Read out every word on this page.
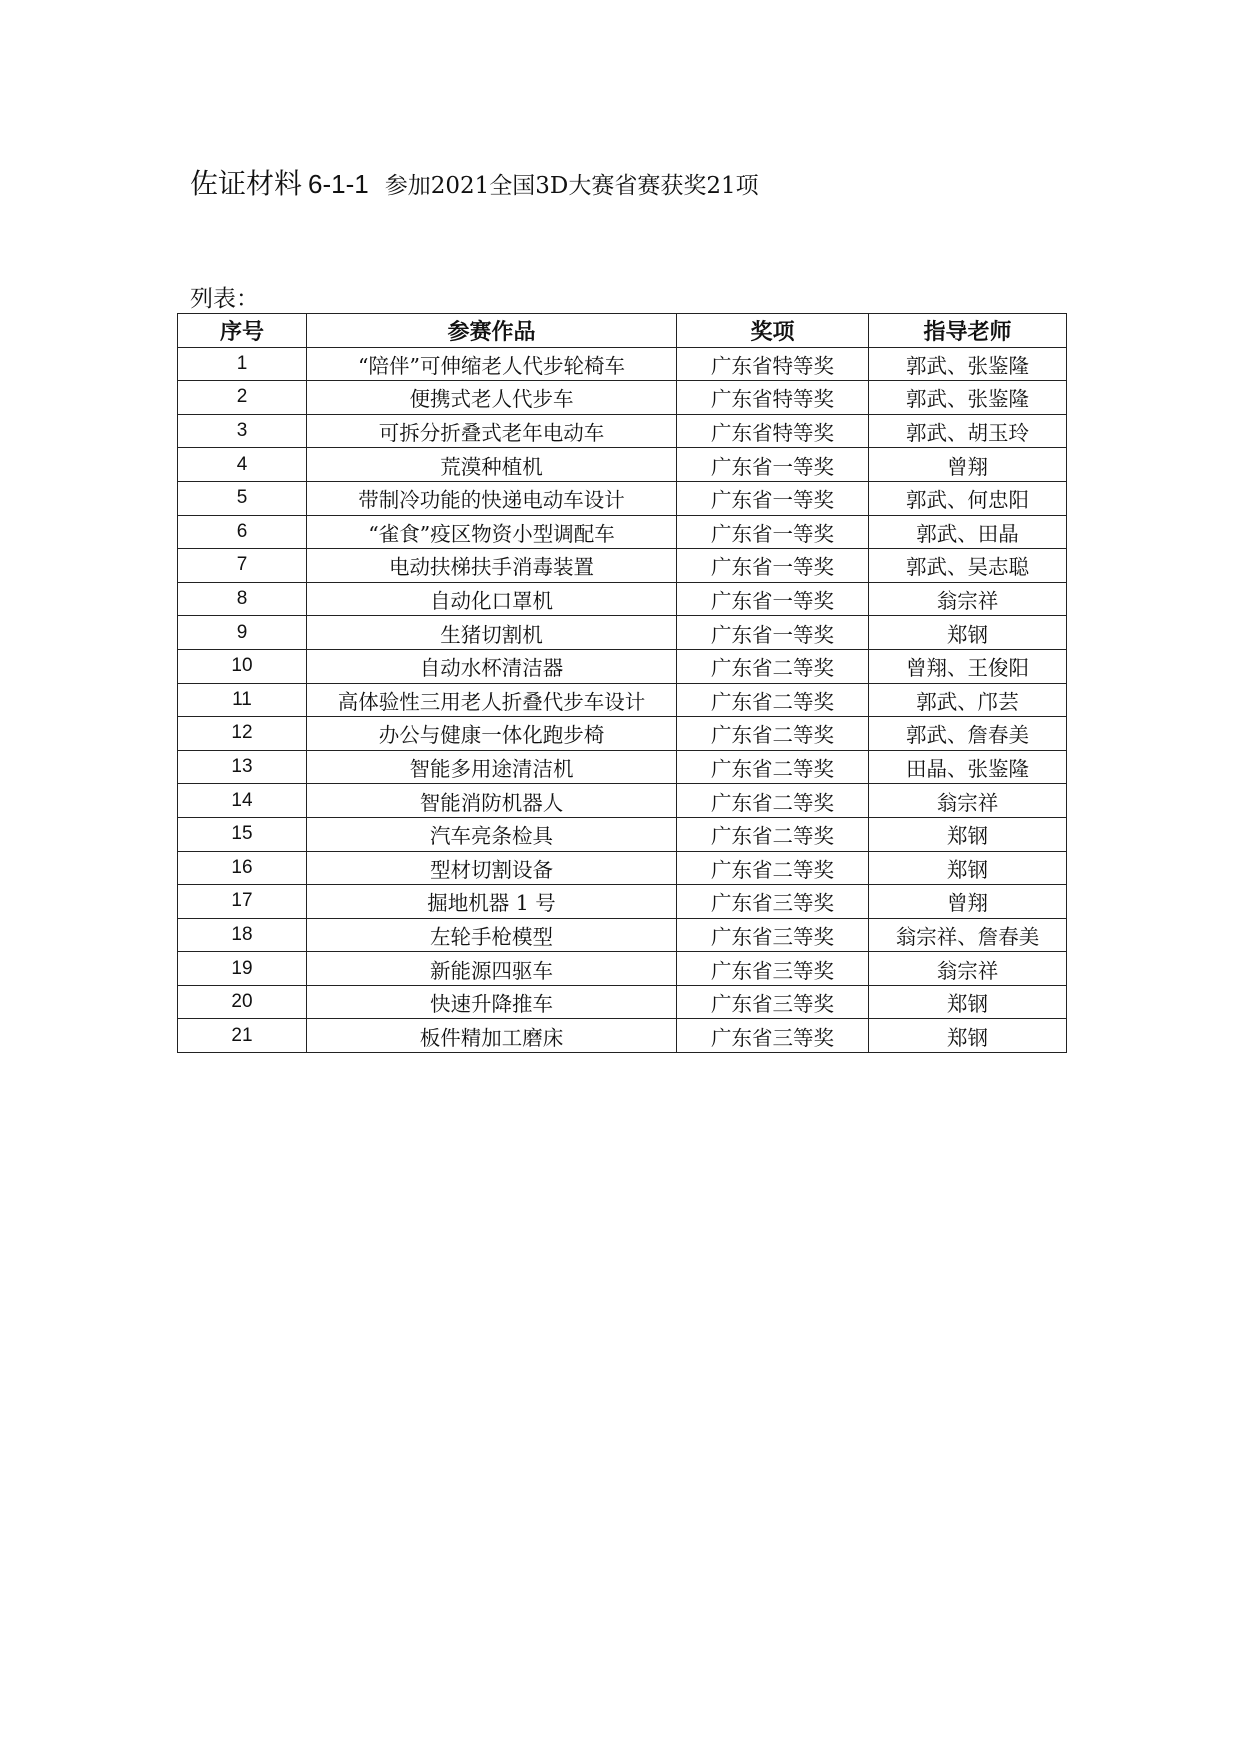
佐证材料 6-1-1 参加2021全国3D大赛省赛获奖21项
列表：
序号	参赛作品	奖项	指导老师
1	“陪伴”可伸缩老人代步轮椅车	广东省特等奖	郭武、张鉴隆
2	便携式老人代步车	广东省特等奖	郭武、张鉴隆
3	可拆分折叠式老年电动车	广东省特等奖	郭武、胡玉玲
4	荒漠种植机	广东省一等奖	曾翔
5	带制冷功能的快递电动车设计	广东省一等奖	郭武、何忠阳
6	“雀食”疫区物资小型调配车	广东省一等奖	郭武、田晶
7	电动扶梯扶手消毒装置	广东省一等奖	郭武、吴志聪
8	自动化口罩机	广东省一等奖	翁宗祥
9	生猪切割机	广东省一等奖	郑钢
10	自动水杯清洁器	广东省二等奖	曾翔、王俊阳
11	高体验性三用老人折叠代步车设计	广东省二等奖	郭武、邝芸
12	办公与健康一体化跑步椅	广东省二等奖	郭武、詹春美
13	智能多用途清洁机	广东省二等奖	田晶、张鉴隆
14	智能消防机器人	广东省二等奖	翁宗祥
15	汽车亮条检具	广东省二等奖	郑钢
16	型材切割设备	广东省二等奖	郑钢
17	掘地机器 1 号	广东省三等奖	曾翔
18	左轮手枪模型	广东省三等奖	翁宗祥、詹春美
19	新能源四驱车	广东省三等奖	翁宗祥
20	快速升降推车	广东省三等奖	郑钢
21	板件精加工磨床	广东省三等奖	郑钢
